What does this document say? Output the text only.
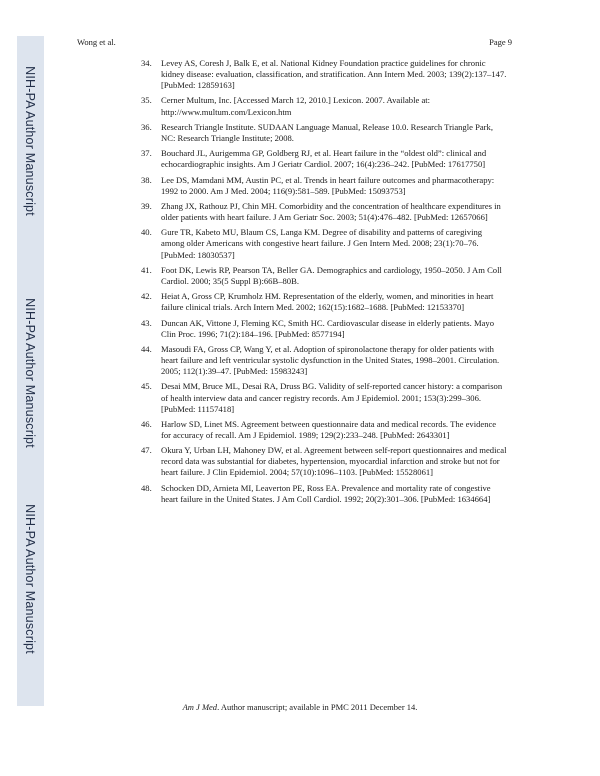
NIH-PA Author Manuscript
NIH-PA Author Manuscript
NIH-PA Author Manuscript
Wong et al.	Page 9
34. Levey AS, Coresh J, Balk E, et al. National Kidney Foundation practice guidelines for chronic kidney disease: evaluation, classification, and stratification. Ann Intern Med. 2003; 139(2):137–147. [PubMed: 12859163]
35. Cerner Multum, Inc. [Accessed March 12, 2010.] Lexicon. 2007. Available at: http://www.multum.com/Lexicon.htm
36. Research Triangle Institute. SUDAAN Language Manual, Release 10.0. Research Triangle Park, NC: Research Triangle Institute; 2008.
37. Bouchard JL, Aurigemma GP, Goldberg RJ, et al. Heart failure in the “oldest old”: clinical and echocardiographic insights. Am J Geriatr Cardiol. 2007; 16(4):236–242. [PubMed: 17617750]
38. Lee DS, Mamdani MM, Austin PC, et al. Trends in heart failure outcomes and pharmacotherapy: 1992 to 2000. Am J Med. 2004; 116(9):581–589. [PubMed: 15093753]
39. Zhang JX, Rathouz PJ, Chin MH. Comorbidity and the concentration of healthcare expenditures in older patients with heart failure. J Am Geriatr Soc. 2003; 51(4):476–482. [PubMed: 12657066]
40. Gure TR, Kabeto MU, Blaum CS, Langa KM. Degree of disability and patterns of caregiving among older Americans with congestive heart failure. J Gen Intern Med. 2008; 23(1):70–76. [PubMed: 18030537]
41. Foot DK, Lewis RP, Pearson TA, Beller GA. Demographics and cardiology, 1950–2050. J Am Coll Cardiol. 2000; 35(5 Suppl B):66B–80B.
42. Heiat A, Gross CP, Krumholz HM. Representation of the elderly, women, and minorities in heart failure clinical trials. Arch Intern Med. 2002; 162(15):1682–1688. [PubMed: 12153370]
43. Duncan AK, Vittone J, Fleming KC, Smith HC. Cardiovascular disease in elderly patients. Mayo Clin Proc. 1996; 71(2):184–196. [PubMed: 8577194]
44. Masoudi FA, Gross CP, Wang Y, et al. Adoption of spironolactone therapy for older patients with heart failure and left ventricular systolic dysfunction in the United States, 1998–2001. Circulation. 2005; 112(1):39–47. [PubMed: 15983243]
45. Desai MM, Bruce ML, Desai RA, Druss BG. Validity of self-reported cancer history: a comparison of health interview data and cancer registry records. Am J Epidemiol. 2001; 153(3):299–306. [PubMed: 11157418]
46. Harlow SD, Linet MS. Agreement between questionnaire data and medical records. The evidence for accuracy of recall. Am J Epidemiol. 1989; 129(2):233–248. [PubMed: 2643301]
47. Okura Y, Urban LH, Mahoney DW, et al. Agreement between self-report questionnaires and medical record data was substantial for diabetes, hypertension, myocardial infarction and stroke but not for heart failure. J Clin Epidemiol. 2004; 57(10):1096–1103. [PubMed: 15528061]
48. Schocken DD, Arnieta MI, Leaverton PE, Ross EA. Prevalence and mortality rate of congestive heart failure in the United States. J Am Coll Cardiol. 1992; 20(2):301–306. [PubMed: 1634664]
Am J Med. Author manuscript; available in PMC 2011 December 14.
